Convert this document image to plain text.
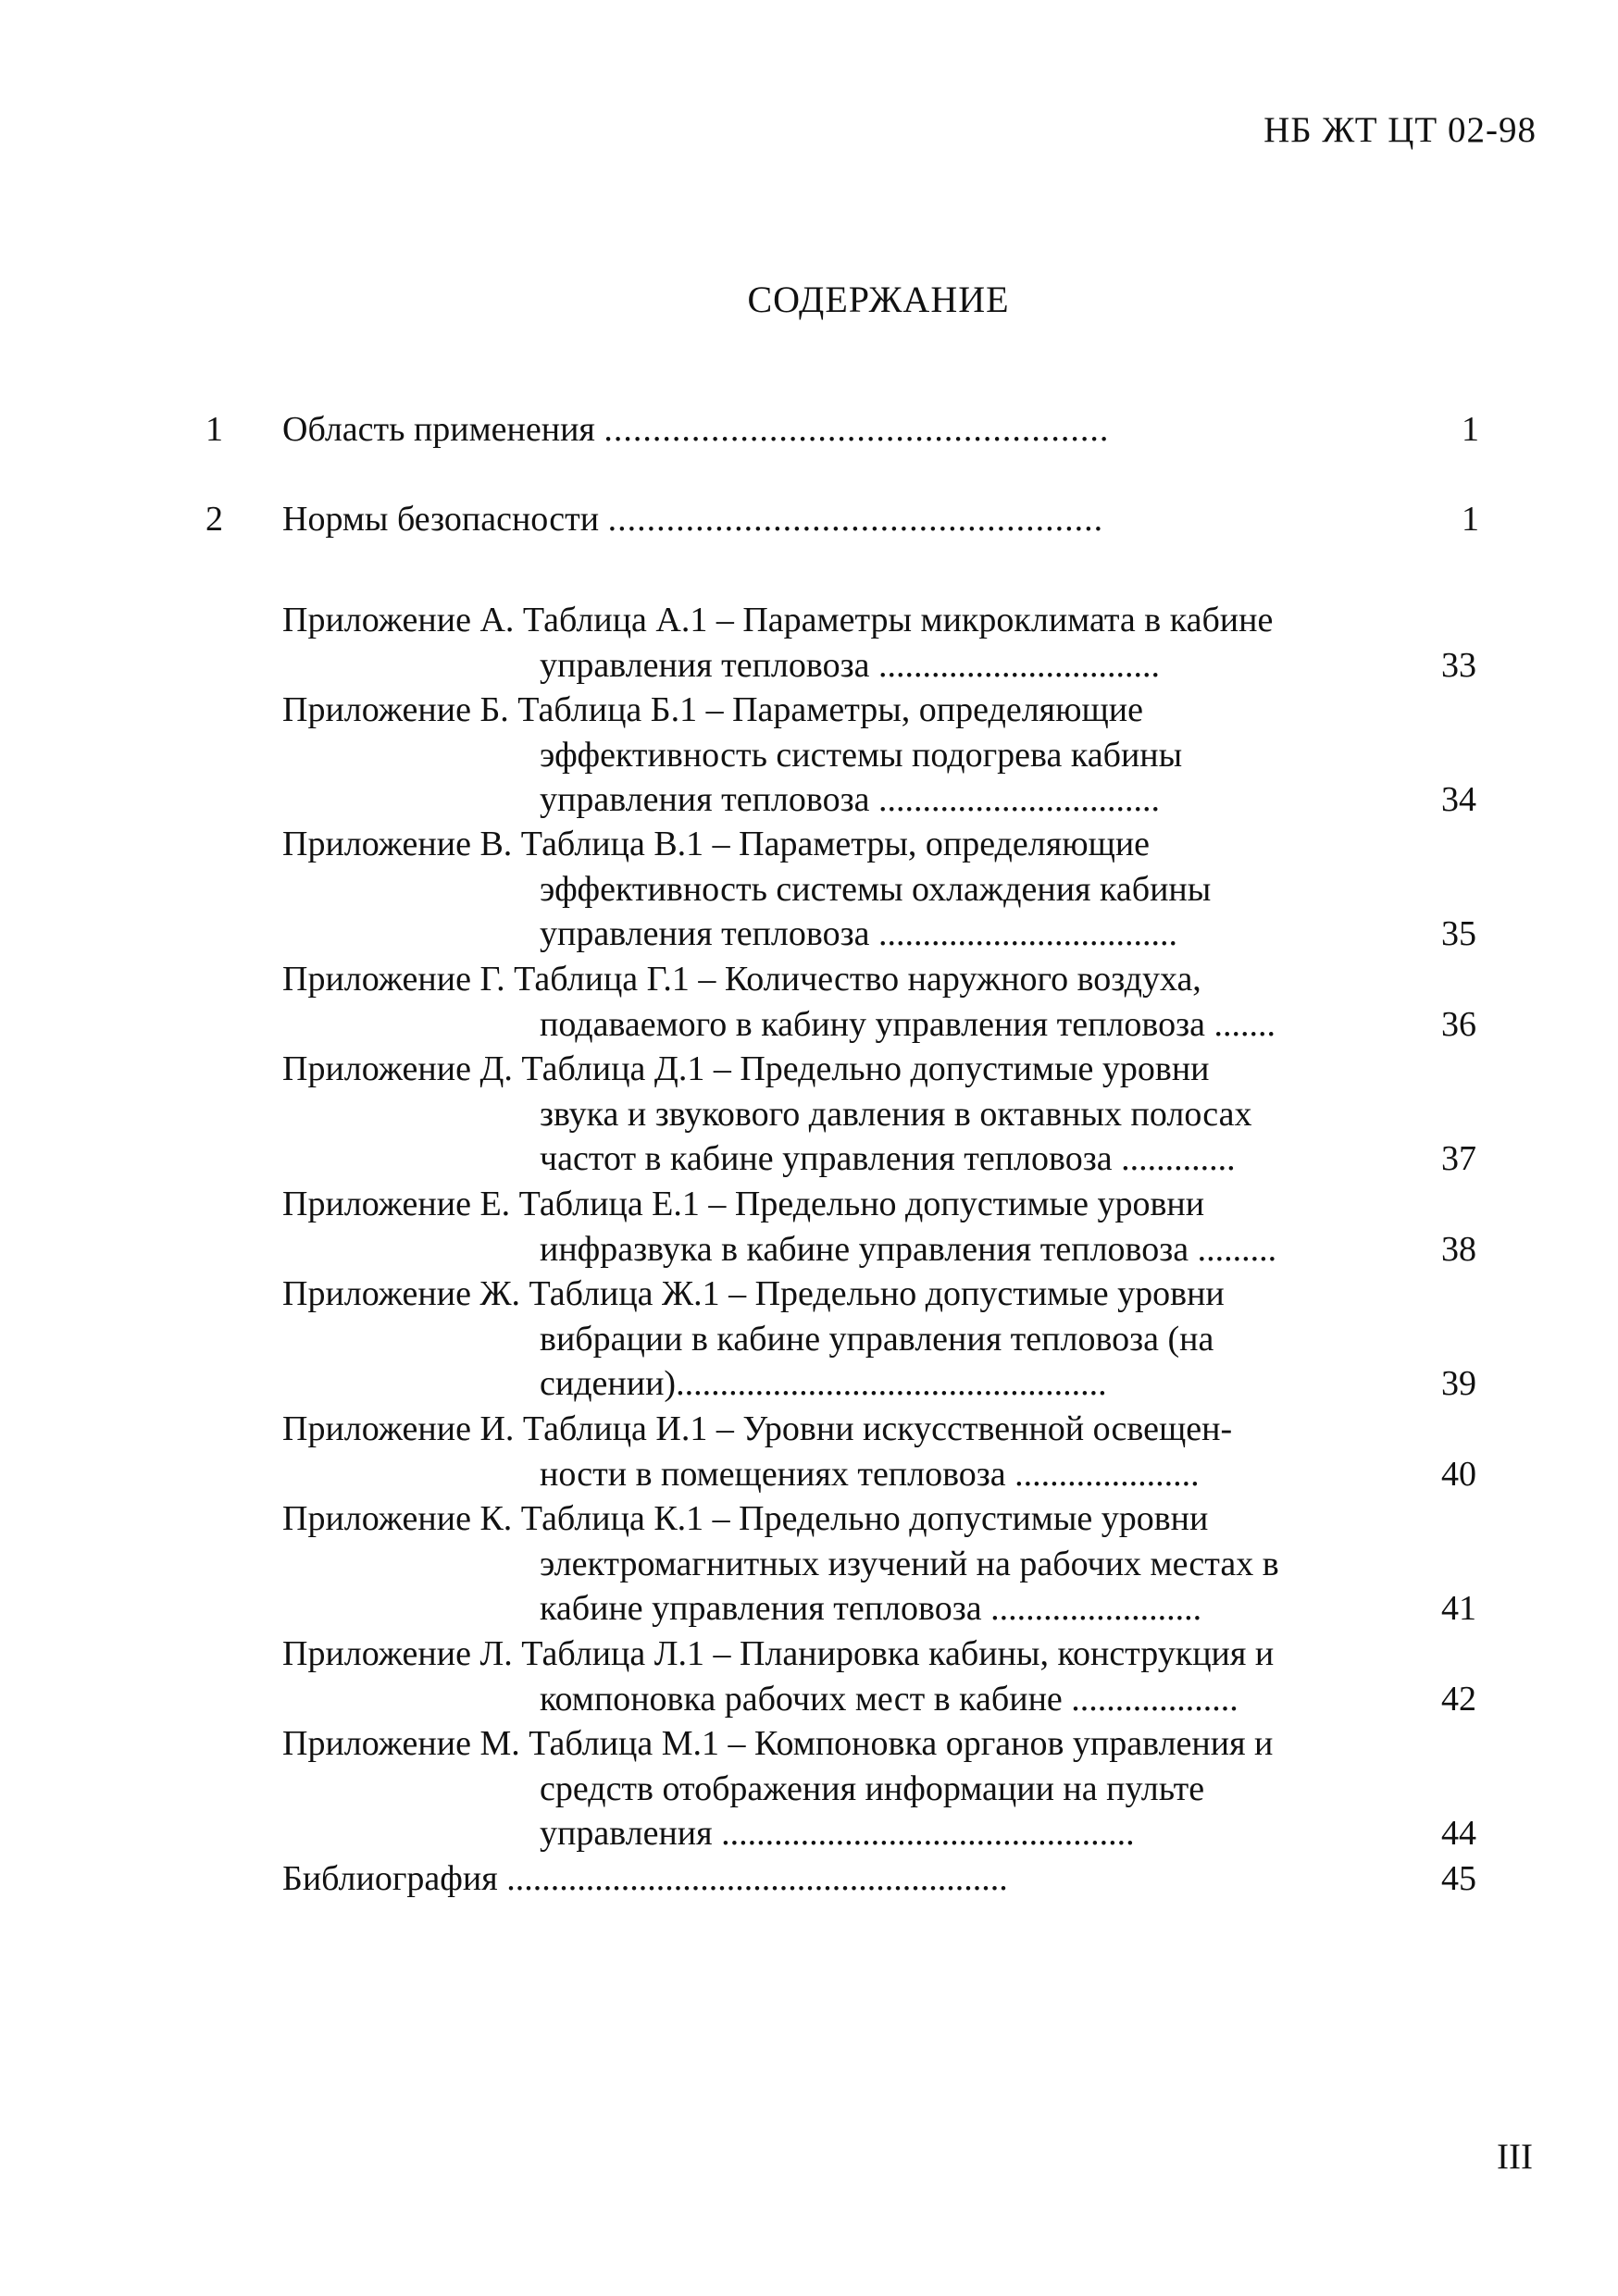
НБ ЖТ ЦТ 02-98
СОДЕРЖАНИЕ
1 Область применения ....................................................	1
2 Нормы безопасности ...................................................	1
Приложение А. Таблица А.1 – Параметры микроклимата в кабине
управления тепловоза ................................	33
Приложение Б. Таблица Б.1 – Параметры, определяющие
эффективность системы подогрева кабины
управления тепловоза ................................	34
Приложение В. Таблица В.1 – Параметры, определяющие
эффективность системы охлаждения кабины
управления тепловоза ..................................	35
Приложение Г. Таблица Г.1 – Количество наружного воздуха,
подаваемого в кабину управления тепловоза .......	36
Приложение Д. Таблица Д.1 – Предельно допустимые уровни
звука и звукового давления в октавных полосах
частот в кабине управления тепловоза .............	37
Приложение Е. Таблица Е.1 – Предельно допустимые уровни
инфразвука в кабине управления тепловоза .........	38
Приложение Ж. Таблица Ж.1 – Предельно допустимые уровни
вибрации в кабине управления тепловоза (на
сидении).................................................	39
Приложение И. Таблица И.1 – Уровни искусственной освещен-
ности в помещениях тепловоза .....................	40
Приложение К. Таблица К.1 – Предельно допустимые уровни
электромагнитных изучений на рабочих местах в
кабине управления тепловоза ........................	41
Приложение Л. Таблица Л.1 – Планировка кабины, конструкция и
компоновка рабочих мест в кабине ...................	42
Приложение М. Таблица М.1 – Компоновка органов управления и
средств отображения информации на пульте
управления ...............................................	44
Библиография .........................................................	45
III
